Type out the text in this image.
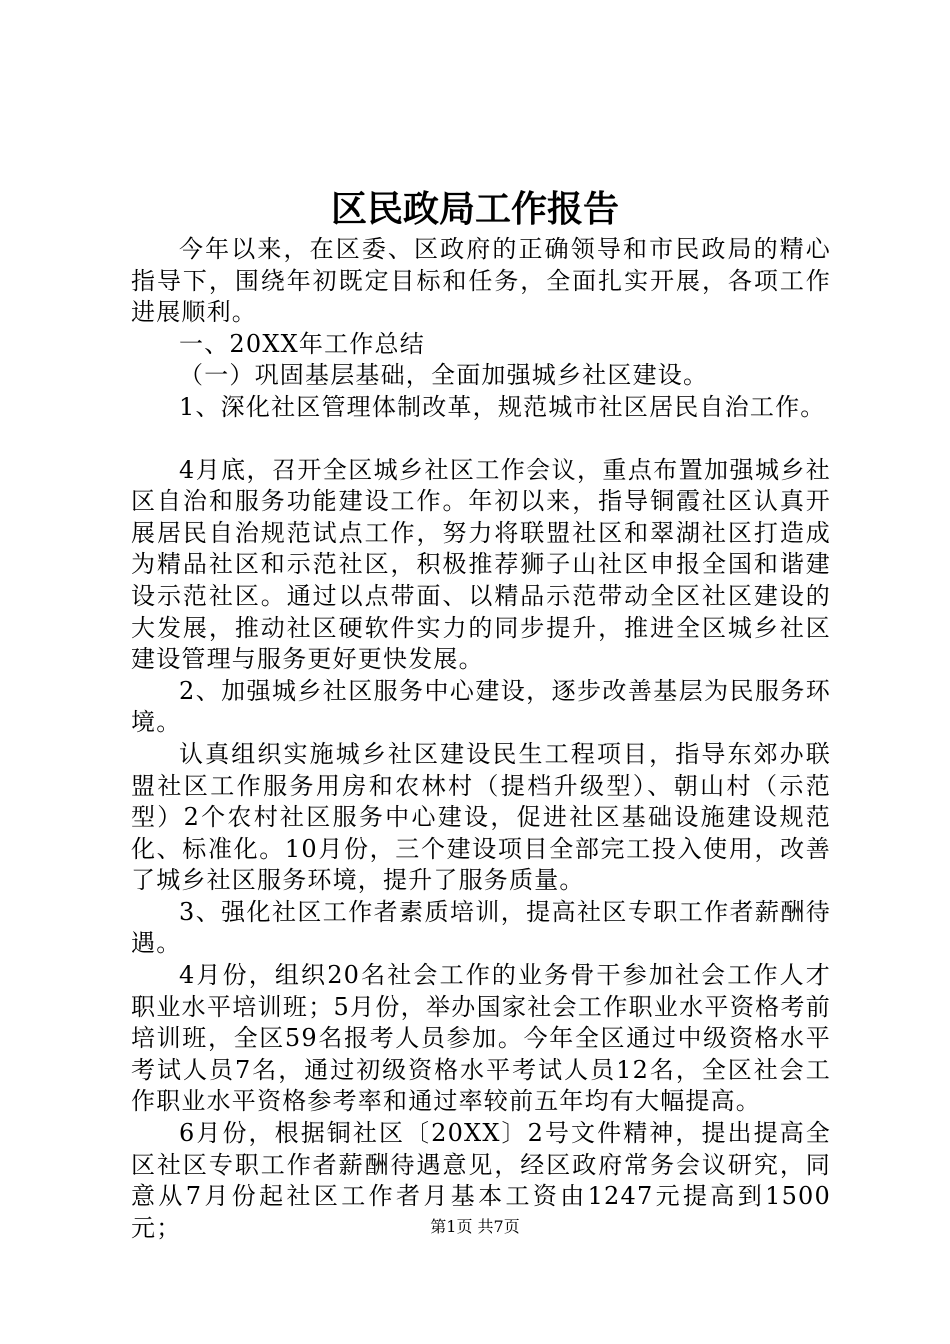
区民政局工作报告

今年以来，在区委、区政府的正确领导和市民政局的精心指导下，围绕年初既定目标和任务，全面扎实开展，各项工作进展顺利。

一、20XX年工作总结

（一）巩固基层基础，全面加强城乡社区建设。

1、深化社区管理体制改革，规范城市社区居民自治工作。

4月底，召开全区城乡社区工作会议，重点布置加强城乡社区自治和服务功能建设工作。年初以来，指导铜霞社区认真开展居民自治规范试点工作，努力将联盟社区和翠湖社区打造成为精品社区和示范社区，积极推荐狮子山社区申报全国和谐建设示范社区。通过以点带面、以精品示范带动全区社区建设的大发展，推动社区硬软件实力的同步提升，推进全区城乡社区建设管理与服务更好更快发展。

2、加强城乡社区服务中心建设，逐步改善基层为民服务环境。

认真组织实施城乡社区建设民生工程项目，指导东郊办联盟社区工作服务用房和农林村（提档升级型）、朝山村（示范型）2个农村社区服务中心建设，促进社区基础设施建设规范化、标准化。10月份，三个建设项目全部完工投入使用，改善了城乡社区服务环境，提升了服务质量。

3、强化社区工作者素质培训，提高社区专职工作者薪酬待遇。

4月份，组织20名社会工作的业务骨干参加社会工作人才职业水平培训班；5月份，举办国家社会工作职业水平资格考前培训班，全区59名报考人员参加。今年全区通过中级资格水平考试人员7名，通过初级资格水平考试人员12名，全区社会工作职业水平资格参考率和通过率较前五年均有大幅提高。

6月份，根据铜社区〔20XX〕2号文件精神，提出提高全区社区专职工作者薪酬待遇意见，经区政府常务会议研究，同意从7月份起社区工作者月基本工资由1247元提高到1500元；	第1页 共7页
